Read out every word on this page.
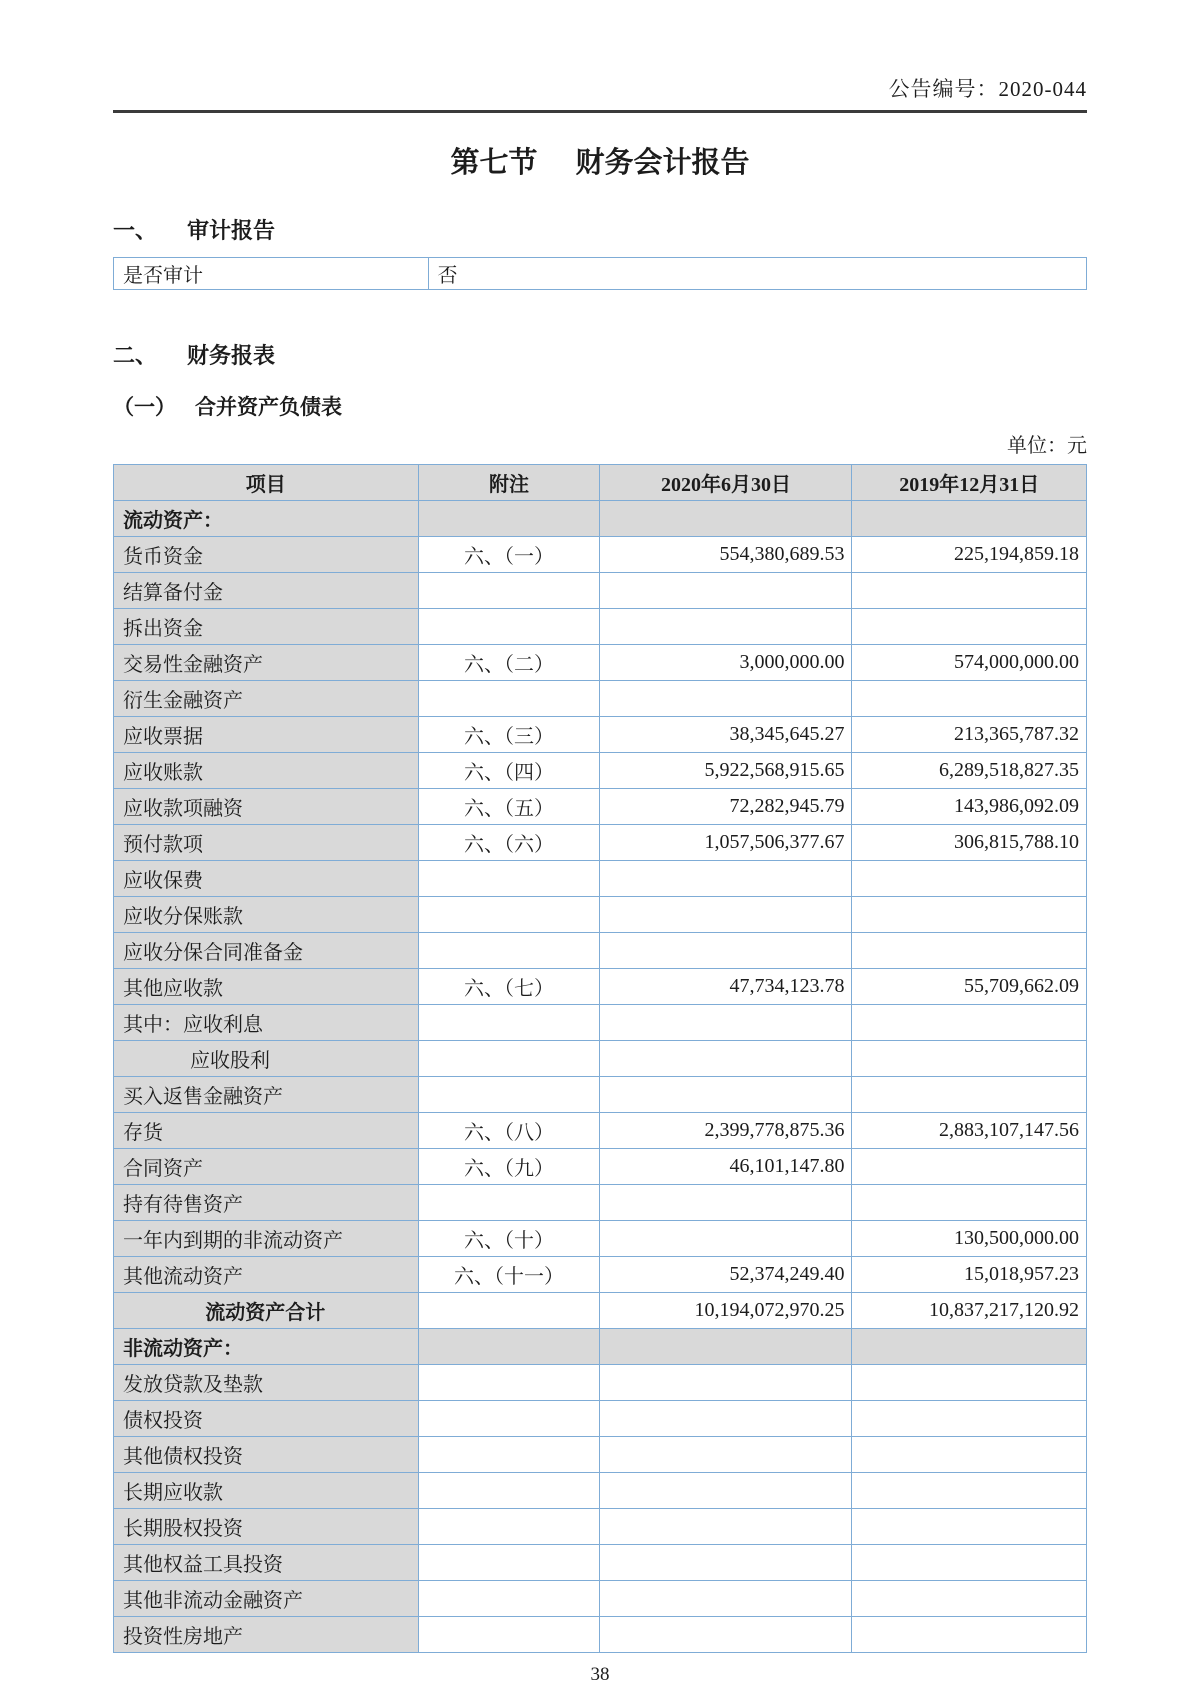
公告编号：2020-044
第七节 财务会计报告
一、 审计报告
是否审计	否
二、 财务报表
（一） 合并资产负债表
单位：元
项目	附注	2020年6月30日	2019年12月31日
流动资产：			
货币资金	六、（一）	554,380,689.53	225,194,859.18
结算备付金			
拆出资金			
交易性金融资产	六、（二）	3,000,000.00	574,000,000.00
衍生金融资产			
应收票据	六、（三）	38,345,645.27	213,365,787.32
应收账款	六、（四）	5,922,568,915.65	6,289,518,827.35
应收款项融资	六、（五）	72,282,945.79	143,986,092.09
预付款项	六、（六）	1,057,506,377.67	306,815,788.10
应收保费			
应收分保账款			
应收分保合同准备金			
其他应收款	六、（七）	47,734,123.78	55,709,662.09
其中：应收利息			
应收股利			
买入返售金融资产			
存货	六、（八）	2,399,778,875.36	2,883,107,147.56
合同资产	六、（九）	46,101,147.80	
持有待售资产			
一年内到期的非流动资产	六、（十）		130,500,000.00
其他流动资产	六、（十一）	52,374,249.40	15,018,957.23
流动资产合计		10,194,072,970.25	10,837,217,120.92
非流动资产：			
发放贷款及垫款			
债权投资			
其他债权投资			
长期应收款			
长期股权投资			
其他权益工具投资			
其他非流动金融资产			
投资性房地产			
38
